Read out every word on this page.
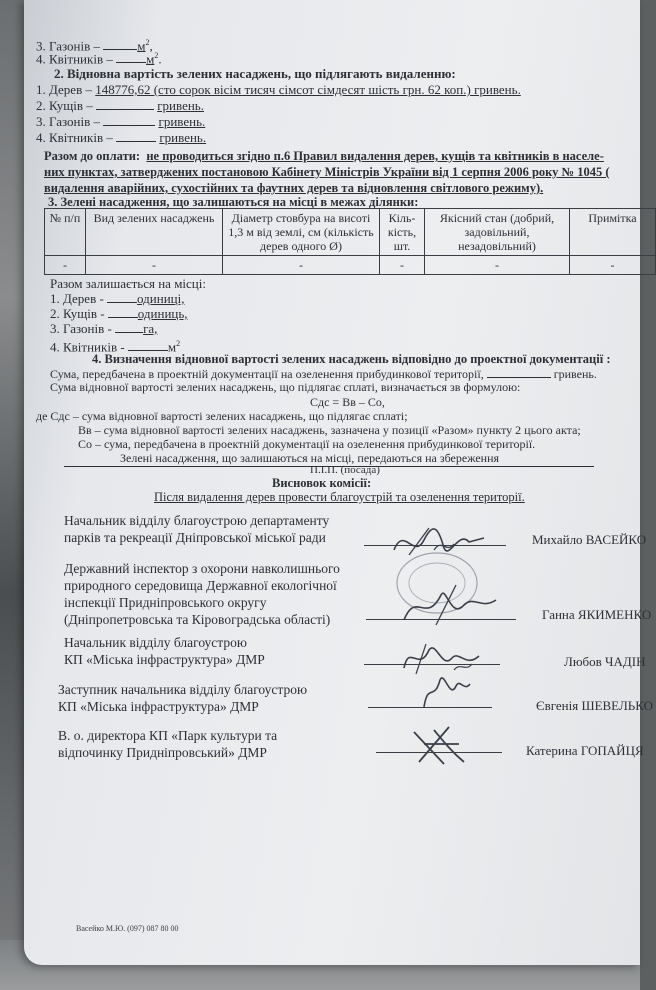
3. Газонів –	$м^2$,
4. Квітників – $м^2$.
2. Відновна вартість зелених насаджень, що підлягають видаленню:
1. Дерев – 148776,62 (сто сорок вісім тисяч сімсот сімдесят шість грн. 62 коп.) гривень.
2. Кущів –	гривень.
3. Газонів –	гривень.
4. Квітників –	гривень.
Разом до оплати: не проводиться згідно п.6 Правил видалення дерев, кущів та квітників в населе-
них пунктах, затверджених постановою Кабінету Міністрів України від 1 серпня 2006 року № 1045 (
видалення аварійних, сухостійних та фаутних дерев та відновлення світлового режиму).
3. Зелені насадження, що залишаються на місці в межах ділянки:
№ п/п	Вид зелених насаджень	Діаметр стовбура на висоті 1,3 м від землі, см (кількість дерев одного Ø)	Кіль-кість, шт.	Якісний стан (добрий, задовільний, незадовільний)	Примітка
-	-	-	-	-	-
Разом залишається на місці:
1. Дерев - одиниці,
2. Кущів - одиниць,
3. Газонів - га,
4. Квітників -	$м^2$
4. Визначення відновної вартості зелених насаджень відповідно до проектної документації :
Сума, передбачена в проектній документації на озеленення прибудинкової території,	гривень.
Сума відновної вартості зелених насаджень, що підлягає сплаті, визначається зв формулою:
Сдс = Вв – Со,
де Сдс – сума відновної вартості зелених насаджень, що підлягає сплаті;
Вв – сума відновної вартості зелених насаджень, зазначена у позиції «Разом» пункту 2 цього акта;
Со – сума, передбачена в проектній документації на озеленення прибудинкової території.
Зелені насадження, що залишаються на місці, передаються на збереження
П.І.П. (посада)
Висновок комісії:
Після видалення дерев провести благоустрій та озеленення території.
Начальник відділу благоустрою департаменту
парків та рекреації Дніпровської міської ради	Михайло ВАСЕЙКО
Державний інспектор з охорони навколишнього
природного середовища Державної екологічної
інспекції Придніпровського округу
(Дніпропетровська та Кіровоградська області)	Ганна ЯКИМЕНКО
Начальник відділу благоустрою
КП «Міська інфраструктура» ДМР	Любов ЧАДІН
Заступник начальника відділу благоустрою
КП «Міська інфраструктура» ДМР	Євгенія ШЕВЕЛЬКО
В. о. директора КП «Парк культури та
відпочинку Придніпровський» ДМР	Катерина ГОПАЙЦЯ
Васейко М.Ю. (097) 087 80 00
